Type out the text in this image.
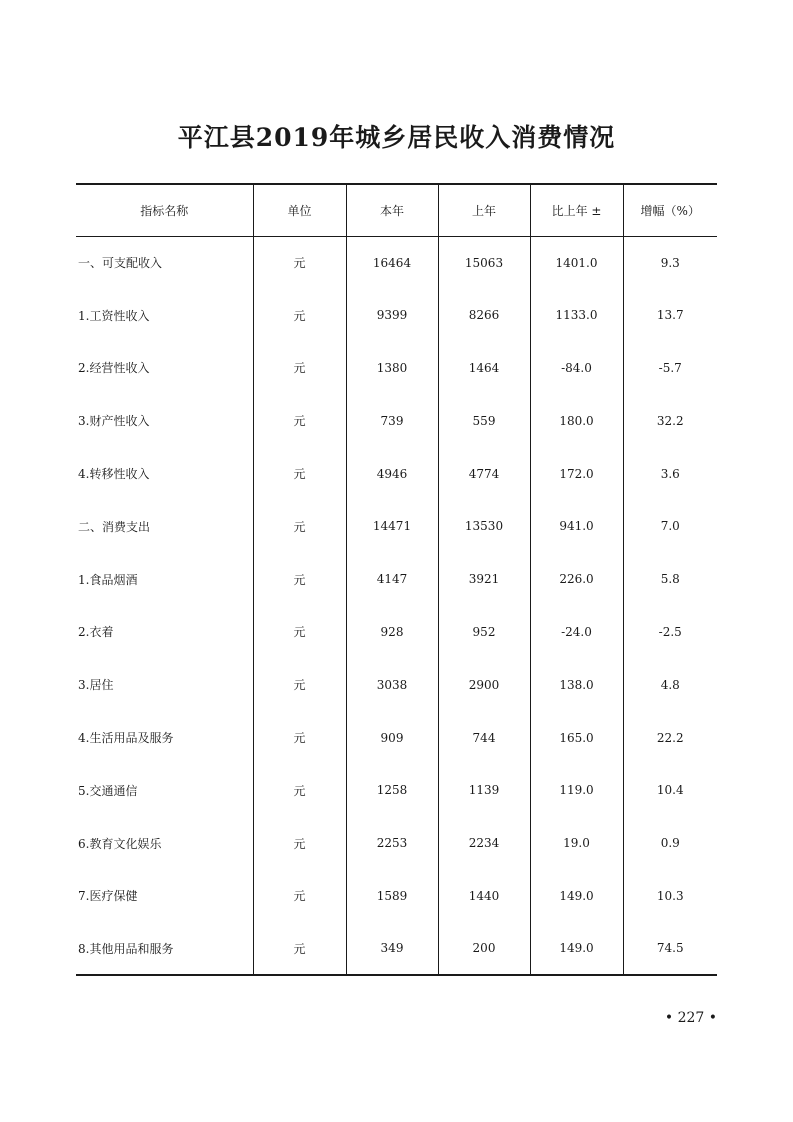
平江县2019年城乡居民收入消费情况
指标名称	单位	本年	上年	比上年 ±	增幅（%）
一、可支配收入	元	16464	15063	1401.0	9.3
1.工资性收入	元	9399	8266	1133.0	13.7
2.经营性收入	元	1380	1464	-84.0	-5.7
3.财产性收入	元	739	559	180.0	32.2
4.转移性收入	元	4946	4774	172.0	3.6
二、消费支出	元	14471	13530	941.0	7.0
1.食品烟酒	元	4147	3921	226.0	5.8
2.衣着	元	928	952	-24.0	-2.5
3.居住	元	3038	2900	138.0	4.8
4.生活用品及服务	元	909	744	165.0	22.2
5.交通通信	元	1258	1139	119.0	10.4
6.教育文化娱乐	元	2253	2234	19.0	0.9
7.医疗保健	元	1589	1440	149.0	10.3
8.其他用品和服务	元	349	200	149.0	74.5
• 227 •
